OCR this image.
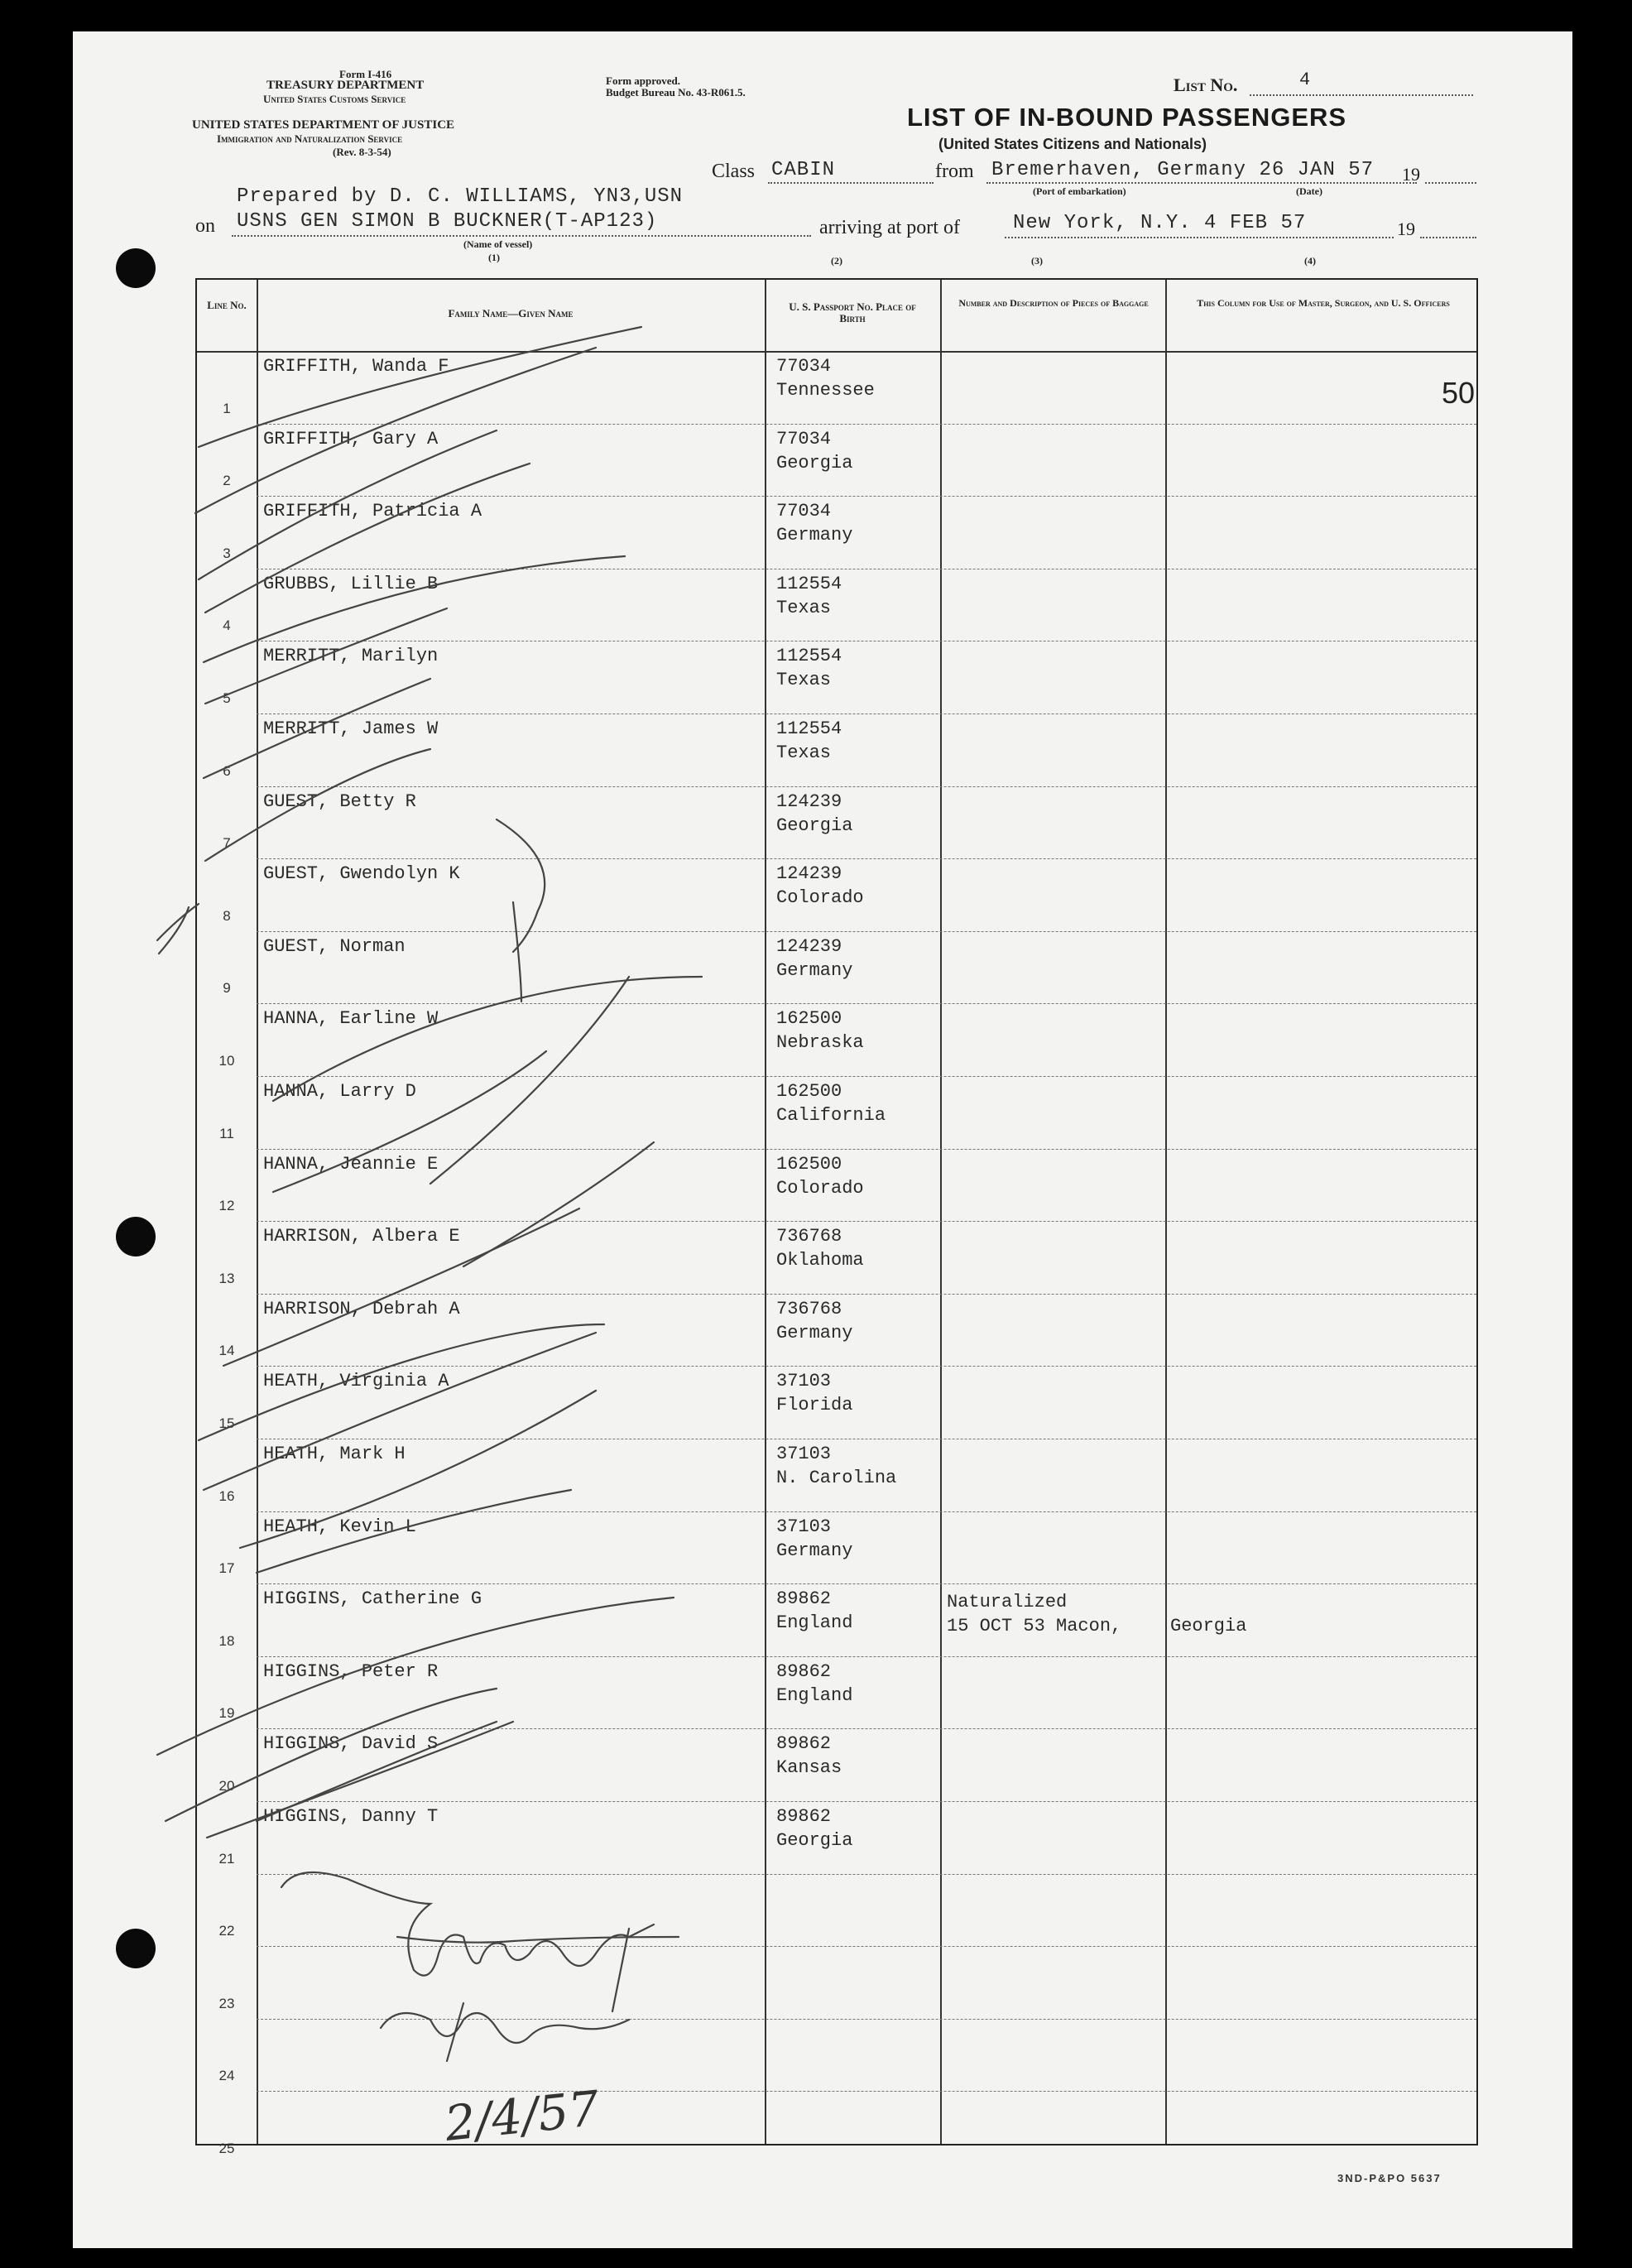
Form I-416
TREASURY DEPARTMENT
United States Customs Service
UNITED STATES DEPARTMENT OF JUSTICE
Immigration and Naturalization Service
(Rev. 8-3-54)
Form approved.
Budget Bureau No. 43-R061.5.	List No.	4
LIST OF IN-BOUND PASSENGERS
(United States Citizens and Nationals)
Class CABIN	from Bremerhaven, Germany 26 JAN 57 19
(Port of embarkation)	(Date)
Prepared by D. C. WILLIAMS, YN3,USN
on USNS GEN SIMON B BUCKNER(T-AP123)
(Name of vessel)
(1)
arriving at port of	New York, N.Y. 4 FEB 57	19
(2)	(3)	(4)
Line No.
Family Name—Given Name
U. S. Passport No. Place of Birth
Number and Description of Pieces of Baggage	This Column for Use of Master, Surgeon, and U. S. Officers
1
GRIFFITH, Wanda F	77034
Tennessee
2
GRIFFITH, Gary A	77034
Georgia
3
GRIFFITH, Patricia A	77034
Germany
4
GRUBBS, Lillie B	112554
Texas
5
MERRITT, Marilyn	112554
Texas
6
MERRITT, James W	112554
Texas
7
GUEST, Betty R	124239
Georgia
8
GUEST, Gwendolyn K	124239
Colorado
9
GUEST, Norman	124239
Germany
10
HANNA, Earline W	162500
Nebraska
11
HANNA, Larry D	162500
California
12
HANNA, Jeannie E	162500
Colorado
13
HARRISON, Albera E	736768
Oklahoma
14
HARRISON, Debrah A	736768
Germany
15
HEATH, Virginia A	37103
Florida
16
HEATH, Mark H	37103
N. Carolina
17
HEATH, Kevin L	37103
Germany
18
HIGGINS, Catherine G	89862
England
Naturalized
15 OCT 53 Macon,	Georgia
19
HIGGINS, Peter R	89862
England
20
HIGGINS, David S	89862
Kansas
21
HIGGINS, Danny T	89862
Georgia
22
23
24
25
50
3ND-P&PO 5637
2/4/57
